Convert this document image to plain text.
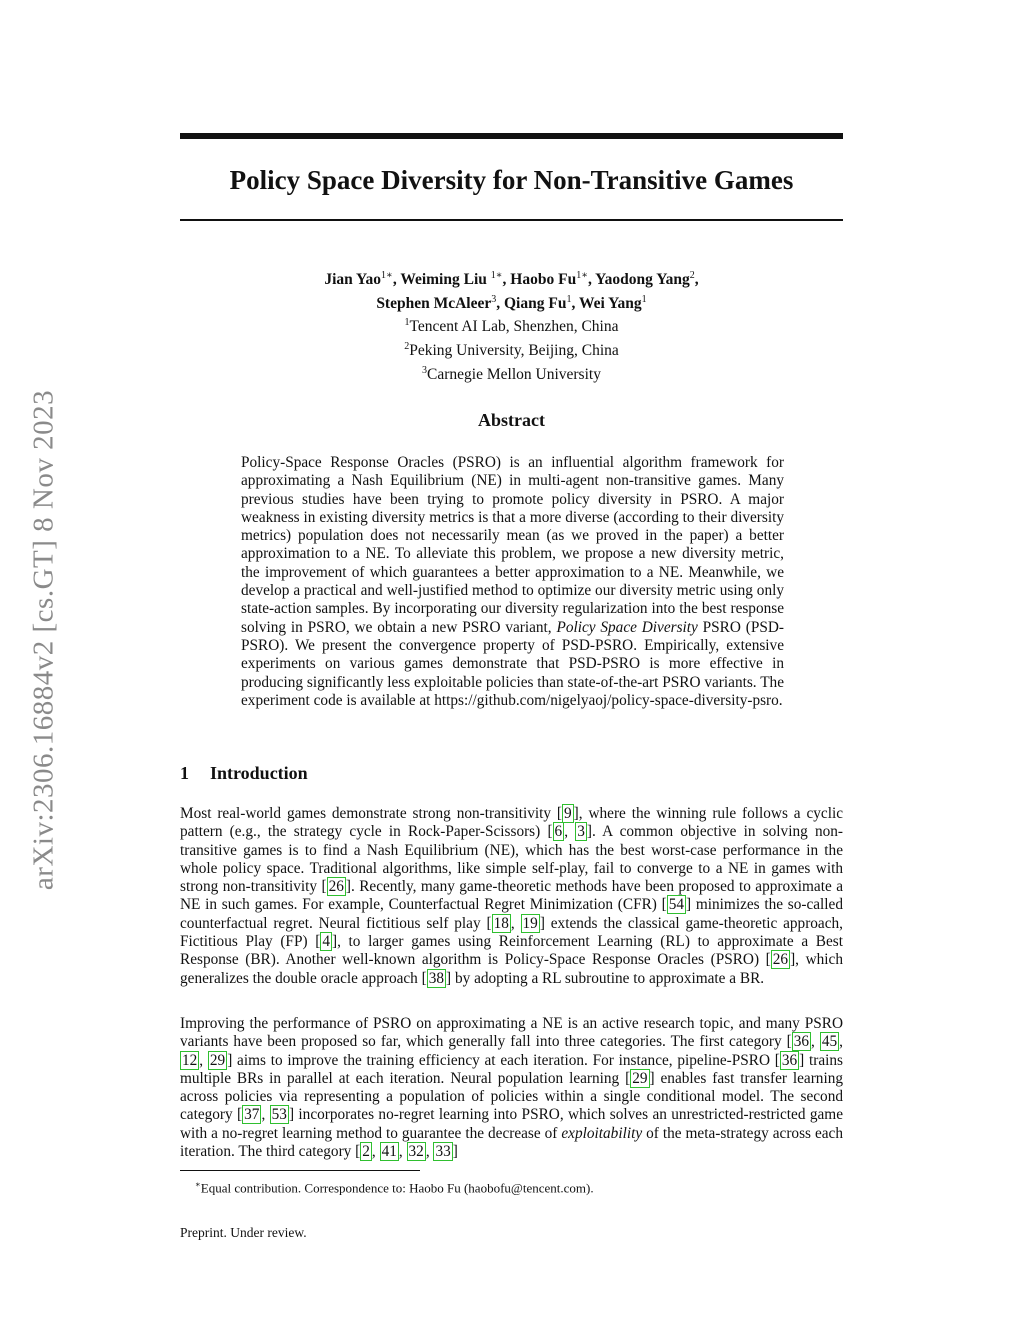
arXiv:2306.16884v2 [cs.GT] 8 Nov 2023
Policy Space Diversity for Non-Transitive Games
Jian Yao$^{1∗}$, Weiming Liu $^{1∗}$, Haobo $Fu^{1∗}$, Yaodong Yang$^2$,
Stephen McAleer$^3$, Qiang Fu$^1$, Wei Yang$^1$
$^1$Tencent AI Lab, Shenzhen, China
$^2$Peking University, Beijing, China
$^3$Carnegie Mellon University
Abstract
Policy-Space Response Oracles (PSRO) is an influential algorithm framework for approximating a Nash Equilibrium (NE) in multi-agent non-transitive games. Many previous studies have been trying to promote policy diversity in PSRO. A major weakness in existing diversity metrics is that a more diverse (according to their diversity metrics) population does not necessarily mean (as we proved in the paper) a better approximation to a NE. To alleviate this problem, we propose a new diversity metric, the improvement of which guarantees a better approximation to a NE. Meanwhile, we develop a practical and well-justified method to optimize our diversity metric using only state-action samples. By incorporating our diversity regularization into the best response solving in PSRO, we obtain a new PSRO variant, Policy Space Diversity PSRO (PSD-PSRO). We present the convergence property of PSD-PSRO. Empirically, extensive experiments on various games demonstrate that PSD-PSRO is more effective in producing significantly less exploitable policies than state-of-the-art PSRO variants. The experiment code is available at https://github.com/nigelyaoj/policy-space-diversity-psro.
1 Introduction
Most real-world games demonstrate strong non-transitivity [ 9 ], where the winning rule follows a cyclic pattern (e.g., the strategy cycle in Rock-Paper-Scissors) [ 6 , 3 ]. A common objective in solving non-transitive games is to find a Nash Equilibrium (NE), which has the best worst-case performance in the whole policy space. Traditional algorithms, like simple self-play, fail to converge to a NE in games with strong non-transitivity [ 26 ]. Recently, many game-theoretic methods have been proposed to approximate a NE in such games. For example, Counterfactual Regret Minimization (CFR) [ 54 ] minimizes the so-called counterfactual regret. Neural fictitious self play [ 18 , 19 ] extends the classical game-theoretic approach, Fictitious Play (FP) [ 4 ], to larger games using Reinforcement Learning (RL) to approximate a Best Response (BR). Another well-known algorithm is Policy-Space Response Oracles (PSRO) [ 26 ], which generalizes the double oracle approach [ 38 ] by adopting a RL subroutine to approximate a BR.
Improving the performance of PSRO on approximating a NE is an active research topic, and many PSRO variants have been proposed so far, which generally fall into three categories. The first category [ 36 , 45 , 12 , 29 ] aims to improve the training efficiency at each iteration. For instance, pipeline-PSRO [ 36 ] trains multiple BRs in parallel at each iteration. Neural population learning [ 29 ] enables fast transfer learning across policies via representing a population of policies within a single conditional model. The second category [ 37 , 53 ] incorporates no-regret learning into PSRO, which solves an unrestricted-restricted game with a no-regret learning method to guarantee the decrease of exploitability of the meta-strategy across each iteration. The third category [ 2 , 41 , 32 , 33 ]
∗Equal contribution. Correspondence to: Haobo Fu (haobofu@tencent.com).
Preprint. Under review.
